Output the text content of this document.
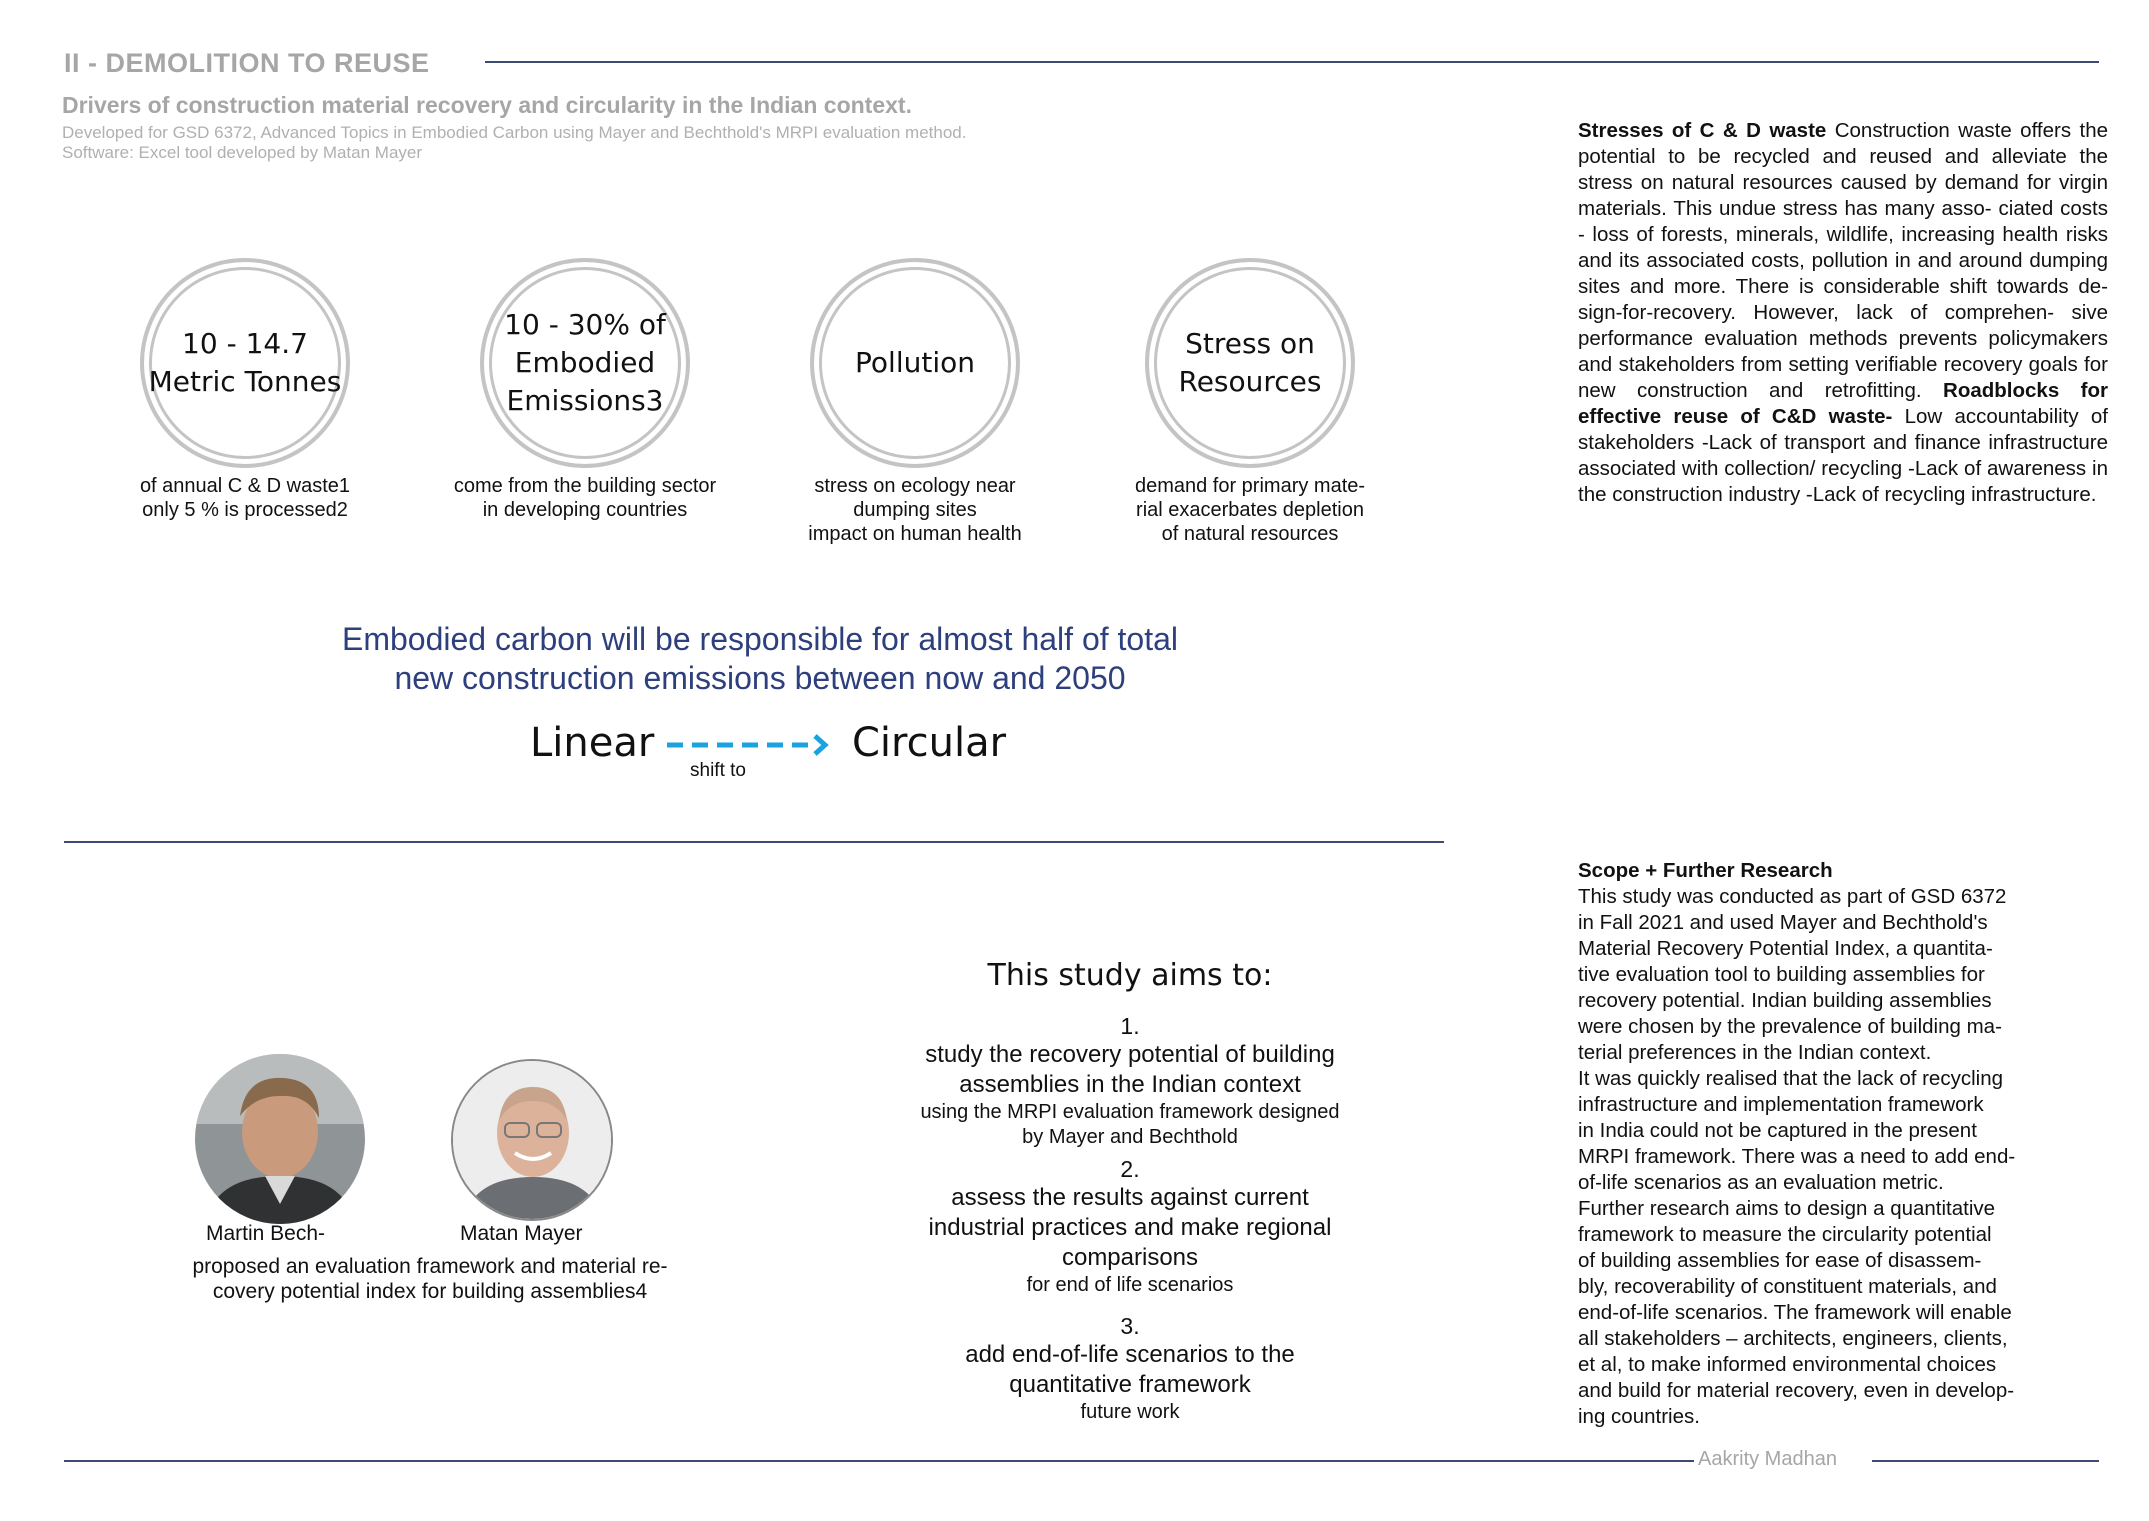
II - DEMOLITION TO REUSE
Drivers of construction material recovery and circularity in the Indian context.
Developed for GSD 6372, Advanced Topics in Embodied Carbon using Mayer and Bechthold's MRPI evaluation method.
Software: Excel tool developed by Matan Mayer
10 - 14.7
Metric Tonnes
of annual C & D waste1
only 5 % is processed2
10 - 30% of
Embodied
Emissions3
come from the building sector
in developing countries
Pollution
stress on ecology near
dumping sites
impact on human health
Stress on
Resources
demand for primary mate-
rial exacerbates depletion
of natural resources
Embodied carbon will be responsible for almost half of total
new construction emissions between now and 2050
Linear
shift to
Circular
Stresses of C & D waste Construction waste offers the potential to be recycled and reused and alleviate the stress on natural resources caused by demand for virgin materials. This undue stress has many asso- ciated costs - loss of forests, minerals, wildlife, increasing health risks and its associated costs, pollution in and around dumping sites and more. There is considerable shift towards de- sign-for-recovery. However, lack of comprehen- sive performance evaluation methods prevents policymakers and stakeholders from setting verifiable recovery goals for new construction and retrofitting. Roadblocks for effective reuse of C&D waste- Low accountability of stakeholders -Lack of transport and finance infrastructure associated with collection/ recycling -Lack of awareness in the construction industry -Lack of recycling infrastructure.
Scope + Further Research
This study was conducted as part of GSD 6372
in Fall 2021 and used Mayer and Bechthold's
Material Recovery Potential Index, a quantita-
tive evaluation tool to building assemblies for
recovery potential. Indian building assemblies
were chosen by the prevalence of building ma-
terial preferences in the Indian context.
It was quickly realised that the lack of recycling
infrastructure and implementation framework
in India could not be captured in the present
MRPI framework. There was a need to add end-
of-life scenarios as an evaluation metric.
Further research aims to design a quantitative
framework to measure the circularity potential
of building assemblies for ease of disassem-
bly, recoverability of constituent materials, and
end-of-life scenarios. The framework will enable
all stakeholders – architects, engineers, clients,
et al, to make informed environmental choices
and build for material recovery, even in develop-
ing countries.
Martin Bech-	Matan Mayer
proposed an evaluation framework and material re-
covery potential index for building assemblies4
This study aims to:
1.
study the recovery potential of building
assemblies in the Indian context
using the MRPI evaluation framework designed
by Mayer and Bechthold
2.
assess the results against current
industrial practices and make regional
comparisons
for end of life scenarios
3.
add end-of-life scenarios to the
quantitative framework
future work
Aakrity Madhan
